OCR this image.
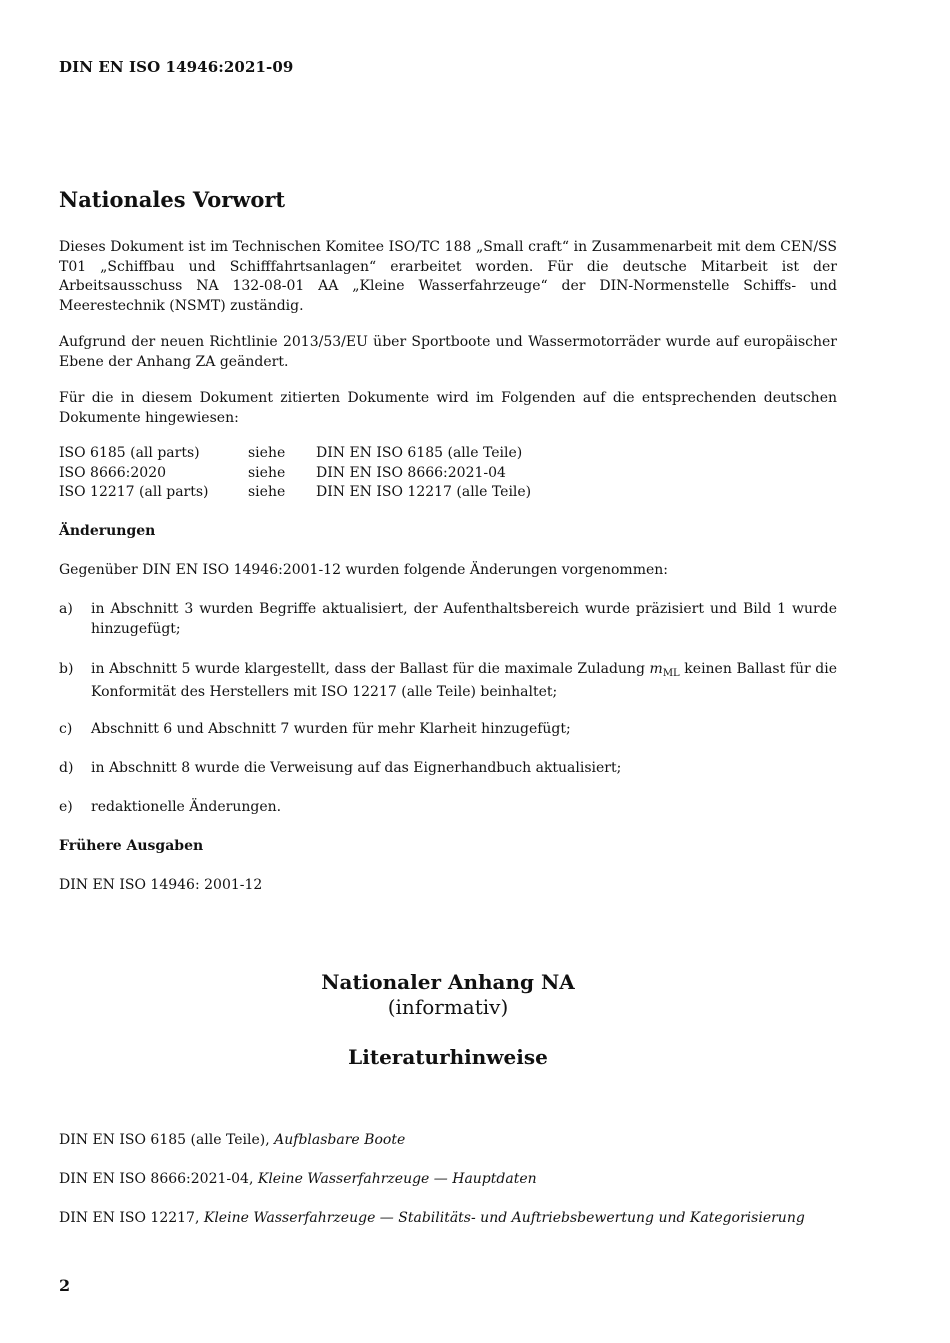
DIN EN ISO 14946:2021-09
Nationales Vorwort

Dieses Dokument ist im Technischen Komitee ISO/TC 188 „Small craft“ in Zusammenarbeit mit dem CEN/SS T01 „Schiffbau und Schifffahrtsanlagen“ erarbeitet worden. Für die deutsche Mitarbeit ist der Arbeitsausschuss NA 132-08-01 AA „Kleine Wasserfahrzeuge“ der DIN-Normenstelle Schiffs- und Meerestechnik (NSMT) zuständig.

Aufgrund der neuen Richtlinie 2013/53/EU über Sportboote und Wassermotorräder wurde auf europäischer Ebene der Anhang ZA geändert.

Für die in diesem Dokument zitierten Dokumente wird im Folgenden auf die entsprechenden deutschen Dokumente hingewiesen:

ISO 6185 (all parts)	siehe	DIN EN ISO 6185 (alle Teile)
ISO 8666:2020	siehe	DIN EN ISO 8666:2021-04
ISO 12217 (all parts)	siehe	DIN EN ISO 12217 (alle Teile)

Änderungen

Gegenüber DIN EN ISO 14946:2001-12 wurden folgende Änderungen vorgenommen:

a)	in Abschnitt 3 wurden Begriffe aktualisiert, der Aufenthaltsbereich wurde präzisiert und Bild 1 wurde hinzugefügt;
b)	in Abschnitt 5 wurde klargestellt, dass der Ballast für die maximale Zuladung $m_{ML}$ keinen Ballast für die Konformität des Herstellers mit ISO 12217 (alle Teile) beinhaltet;
c)	Abschnitt 6 und Abschnitt 7 wurden für mehr Klarheit hinzugefügt;
d)	in Abschnitt 8 wurde die Verweisung auf das Eignerhandbuch aktualisiert;
e)	redaktionelle Änderungen.

Frühere Ausgaben

DIN EN ISO 14946: 2001-12

Nationaler Anhang NA
(informativ)
Literaturhinweise

DIN EN ISO 6185 (alle Teile), Aufblasbare Boote

DIN EN ISO 8666:2021-04, Kleine Wasserfahrzeuge — Hauptdaten

DIN EN ISO 12217, Kleine Wasserfahrzeuge — Stabilitäts- und Auftriebsbewertung und Kategorisierung

2
